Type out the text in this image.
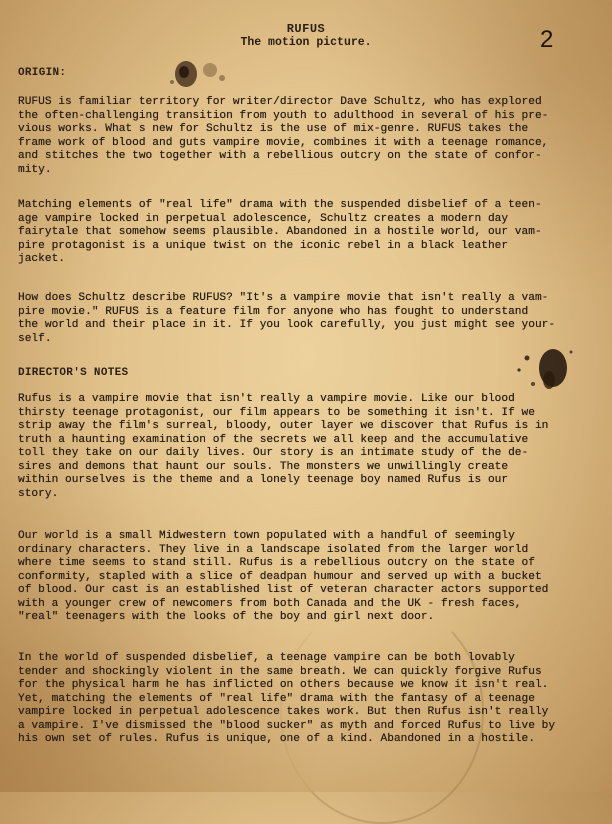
RUFUS
The motion picture.	2
ORIGIN:
RUFUS is familiar territory for writer/director Dave Schultz, who has explored
the often-challenging transition from youth to adulthood in several of his pre-
vious works. What s new for Schultz is the use of mix-genre. RUFUS takes the
frame work of blood and guts vampire movie, combines it with a teenage romance,
and stitches the two together with a rebellious outcry on the state of confor-
mity.
Matching elements of "real life" drama with the suspended disbelief of a teen-
age vampire locked in perpetual adolescence, Schultz creates a modern day
fairytale that somehow seems plausible. Abandoned in a hostile world, our vam-
pire protagonist is a unique twist on the iconic rebel in a black leather
jacket.
How does Schultz describe RUFUS? "It's a vampire movie that isn't really a vam-
pire movie." RUFUS is a feature film for anyone who has fought to understand
the world and their place in it. If you look carefully, you just might see your-
self.
DIRECTOR'S NOTES
Rufus is a vampire movie that isn't really a vampire movie. Like our blood
thirsty teenage protagonist, our film appears to be something it isn't. If we
strip away the film's surreal, bloody, outer layer we discover that Rufus is in
truth a haunting examination of the secrets we all keep and the accumulative
toll they take on our daily lives. Our story is an intimate study of the de-
sires and demons that haunt our souls. The monsters we unwillingly create
within ourselves is the theme and a lonely teenage boy named Rufus is our
story.
Our world is a small Midwestern town populated with a handful of seemingly
ordinary characters. They live in a landscape isolated from the larger world
where time seems to stand still. Rufus is a rebellious outcry on the state of
conformity, stapled with a slice of deadpan humour and served up with a bucket
of blood. Our cast is an established list of veteran character actors supported
with a younger crew of newcomers from both Canada and the UK - fresh faces,
"real" teenagers with the looks of the boy and girl next door.
In the world of suspended disbelief, a teenage vampire can be both lovably
tender and shockingly violent in the same breath. We can quickly forgive Rufus
for the physical harm he has inflicted on others because we know it isn't real.
Yet, matching the elements of "real life" drama with the fantasy of a teenage
vampire locked in perpetual adolescence takes work. But then Rufus isn't really
a vampire. I've dismissed the "blood sucker" as myth and forced Rufus to live by
his own set of rules. Rufus is unique, one of a kind. Abandoned in a hostile.
